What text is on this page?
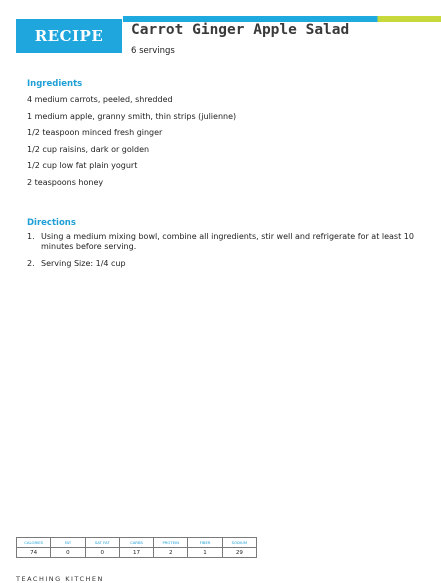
RECIPE	Carrot Ginger Apple Salad
6 servings
Ingredients
4 medium carrots, peeled, shredded
1 medium apple, granny smith, thin strips (julienne)
1/2 teaspoon minced fresh ginger
1/2 cup raisins, dark or golden
1/2 cup low fat plain yogurt
2 teaspoons honey
Directions
1. Using a medium mixing bowl, combine all ingredients, stir well and refrigerate for at least 10 minutes before serving.
2. Serving Size: 1/4 cup
CALORIES	FAT	SAT FAT	CARBS	PROTEIN	FIBER	SODIUM
74	0	0	17	2	1	29
TEACHING KITCHEN
